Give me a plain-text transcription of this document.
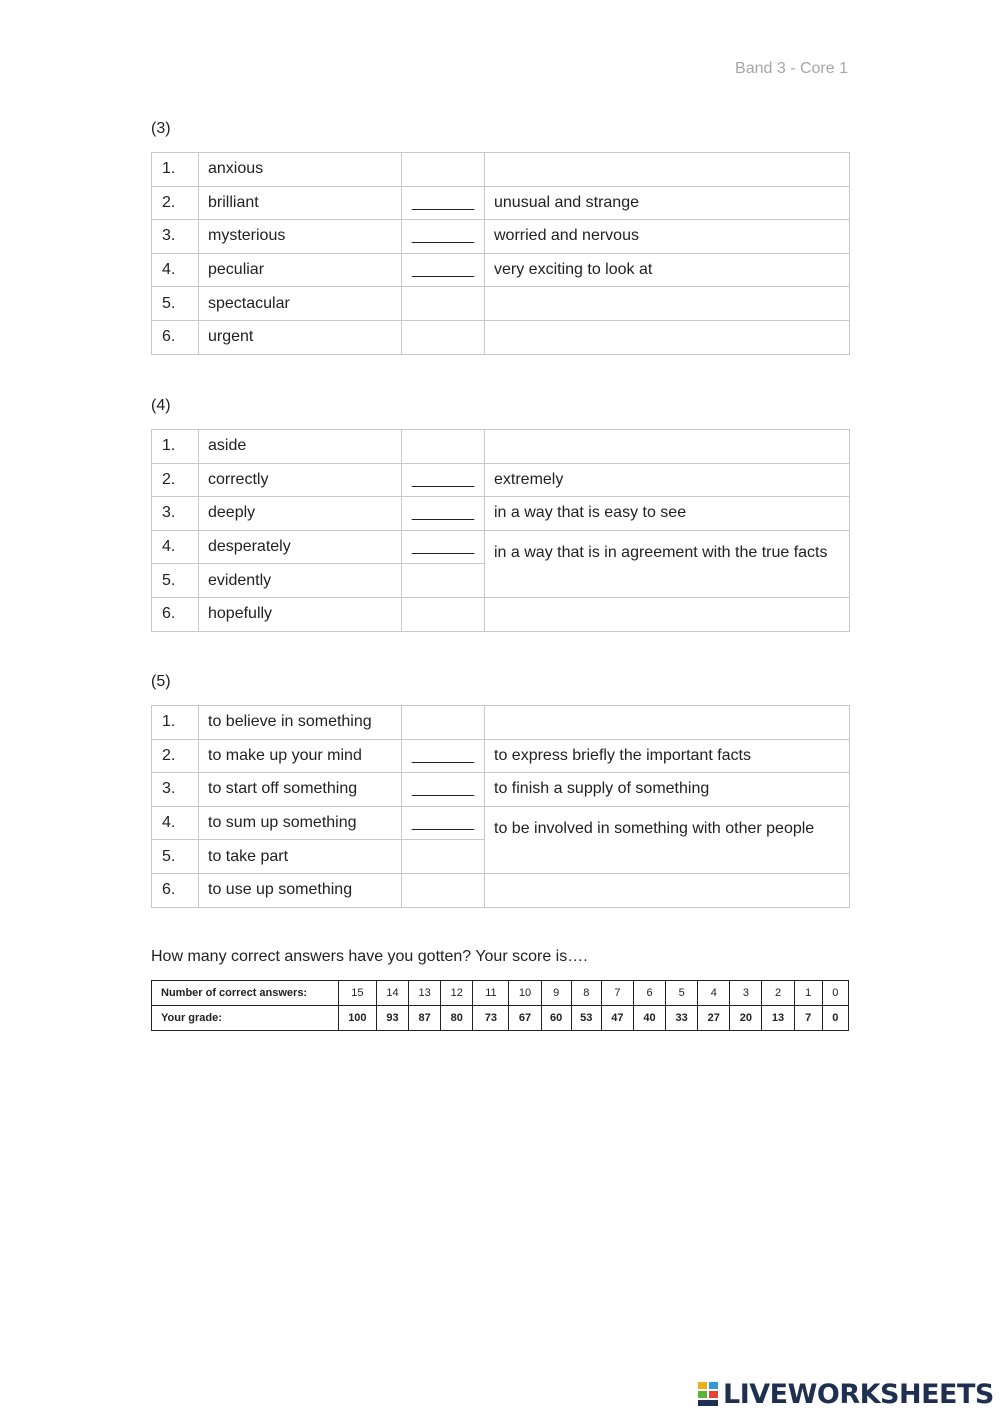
Band 3 - Core 1
(3)
1.	anxious		
2.	brilliant	_______	unusual and strange
3.	mysterious	_______	worried and nervous
4.	peculiar	_______	very exciting to look at
5.	spectacular		
6.	urgent		
(4)
1.	aside		
2.	correctly	_______	extremely
3.	deeply	_______	in a way that is easy to see
4.	desperately	_______	in a way that is in agreement with the true facts
5.	evidently		
6.	hopefully		
(5)
1.	to believe in something		
2.	to make up your mind	_______	to express briefly the important facts
3.	to start off something	_______	to finish a supply of something
4.	to sum up something	_______	to be involved in something with other people
5.	to take part		
6.	to use up something		
How many correct answers have you gotten? Your score is….
Number of correct answers:	15	14	13	12	11	10	9	8	7	6	5	4	3	2	1	0
Your grade:	100	93	87	80	73	67	60	53	47	40	33	27	20	13	7	0
LIVEWORKSHEETS
